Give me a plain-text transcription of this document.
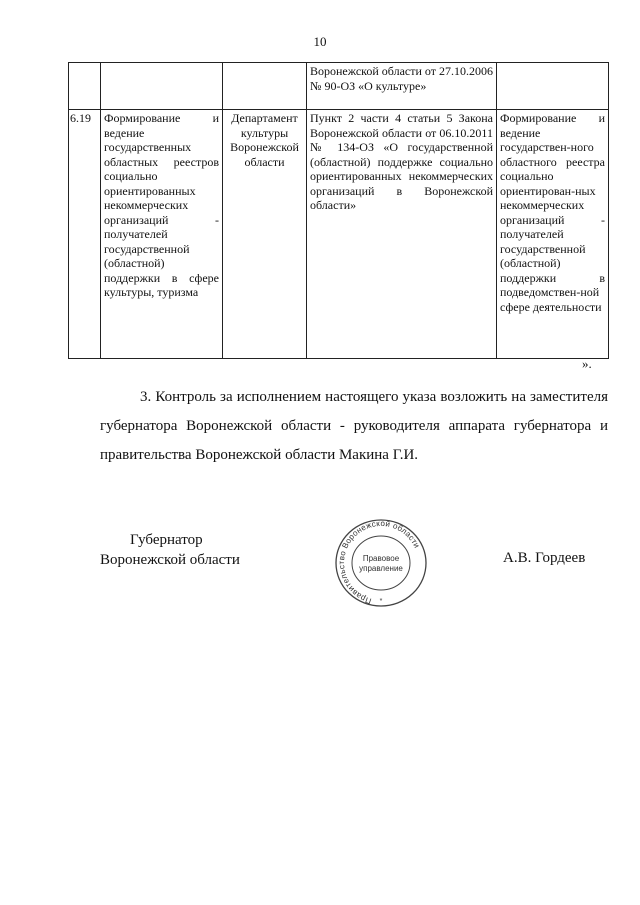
10
			Воронежской области от 27.10.2006 № 90-ОЗ «О культуре»	
6.19	Формирование и ведение государственных областных реестров социально ориентированных некоммерческих организаций - получателей государственной (областной) поддержки в сфере культуры, туризма	Департамент культуры Воронежской области	Пункт 2 части 4 статьи 5 Закона Воронежской области от 06.10.2011 № 134-ОЗ «О государственной (областной) поддержке социально ориентированных некоммерческих организаций в Воронежской области»	Формирование и ведение государствен-ного областного реестра социально ориентирован-ных некоммерческих организаций - получателей государственной (областной) поддержки в подведомствен-ной сфере деятельности
».
3. Контроль за исполнением настоящего указа возложить на заместителя губернатора Воронежской области - руководителя аппарата губернатора и правительства Воронежской области Макина Г.И.
Губернатор
Воронежской области
Правительство Воронежской области
Правовое
управление
*
А.В. Гордеев
